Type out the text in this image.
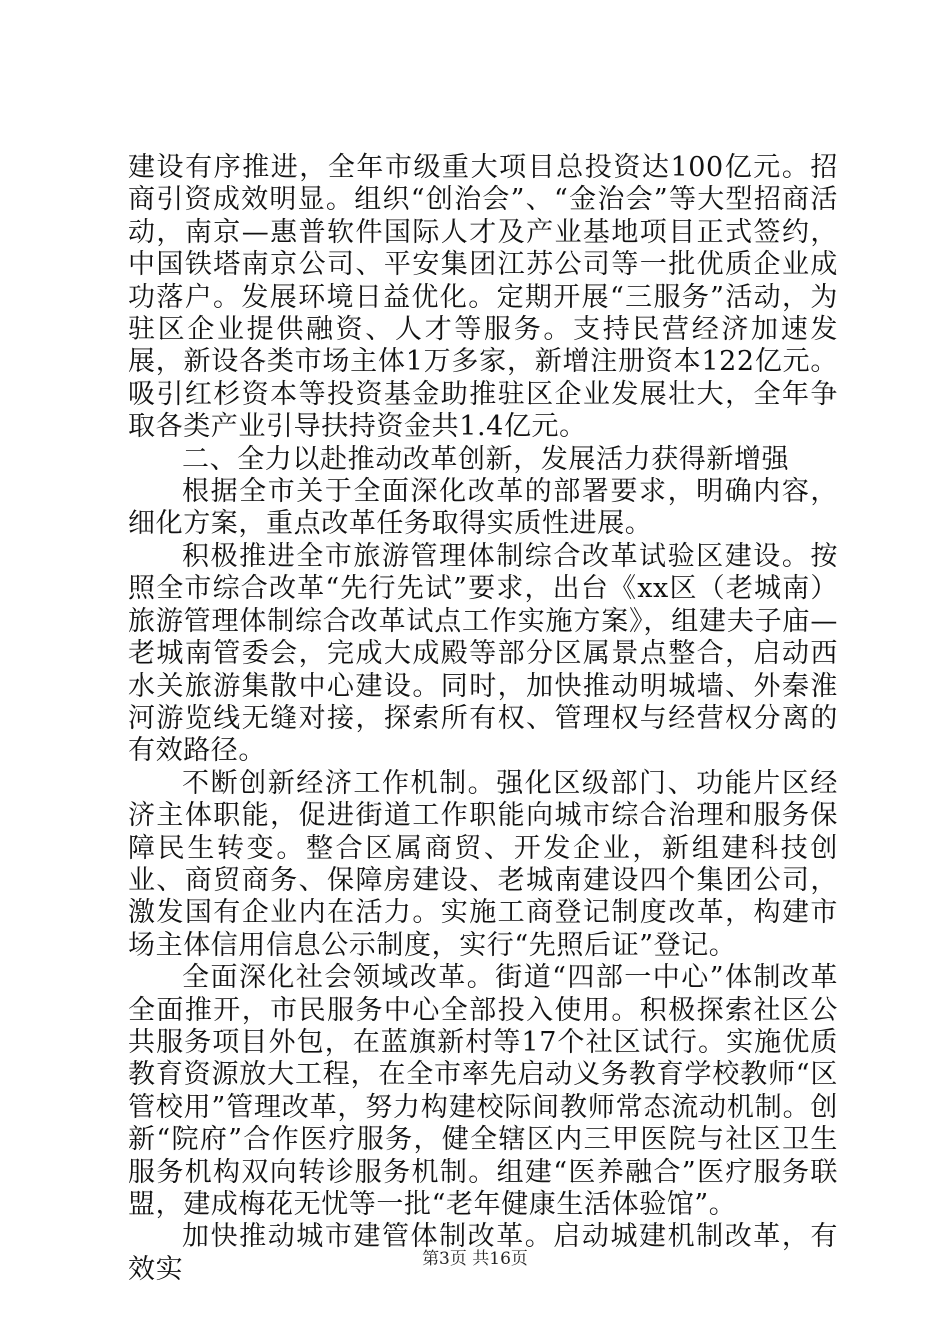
建设有序推进，全年市级重大项目总投资达100亿元。招商引资成效明显。组织“创治会”、“金治会”等大型招商活动，南京—惠普软件国际人才及产业基地项目正式签约，中国铁塔南京公司、平安集团江苏公司等一批优质企业成功落户。发展环境日益优化。定期开展“三服务”活动，为驻区企业提供融资、人才等服务。支持民营经济加速发展，新设各类市场主体1万多家，新增注册资本122亿元。吸引红杉资本等投资基金助推驻区企业发展壮大，全年争取各类产业引导扶持资金共1.4亿元。

二、全力以赴推动改革创新，发展活力获得新增强

根据全市关于全面深化改革的部署要求，明确内容，细化方案，重点改革任务取得实质性进展。

积极推进全市旅游管理体制综合改革试验区建设。按照全市综合改革“先行先试”要求，出台《xx区（老城南）旅游管理体制综合改革试点工作实施方案》，组建夫子庙—老城南管委会，完成大成殿等部分区属景点整合，启动西水关旅游集散中心建设。同时，加快推动明城墙、外秦淮河游览线无缝对接，探索所有权、管理权与经营权分离的有效路径。

不断创新经济工作机制。强化区级部门、功能片区经济主体职能，促进街道工作职能向城市综合治理和服务保障民生转变。整合区属商贸、开发企业，新组建科技创业、商贸商务、保障房建设、老城南建设四个集团公司，激发国有企业内在活力。实施工商登记制度改革，构建市场主体信用信息公示制度，实行“先照后证”登记。

全面深化社会领域改革。街道“四部一中心”体制改革全面推开，市民服务中心全部投入使用。积极探索社区公共服务项目外包，在蓝旗新村等17个社区试行。实施优质教育资源放大工程，在全市率先启动义务教育学校教师“区管校用”管理改革，努力构建校际间教师常态流动机制。创新“院府”合作医疗服务，健全辖区内三甲医院与社区卫生服务机构双向转诊服务机制。组建“医养融合”医疗服务联盟，建成梅花无忧等一批“老年健康生活体验馆”。

加快推动城市建管体制改革。启动城建机制改革，有效实	第3页 共16页
